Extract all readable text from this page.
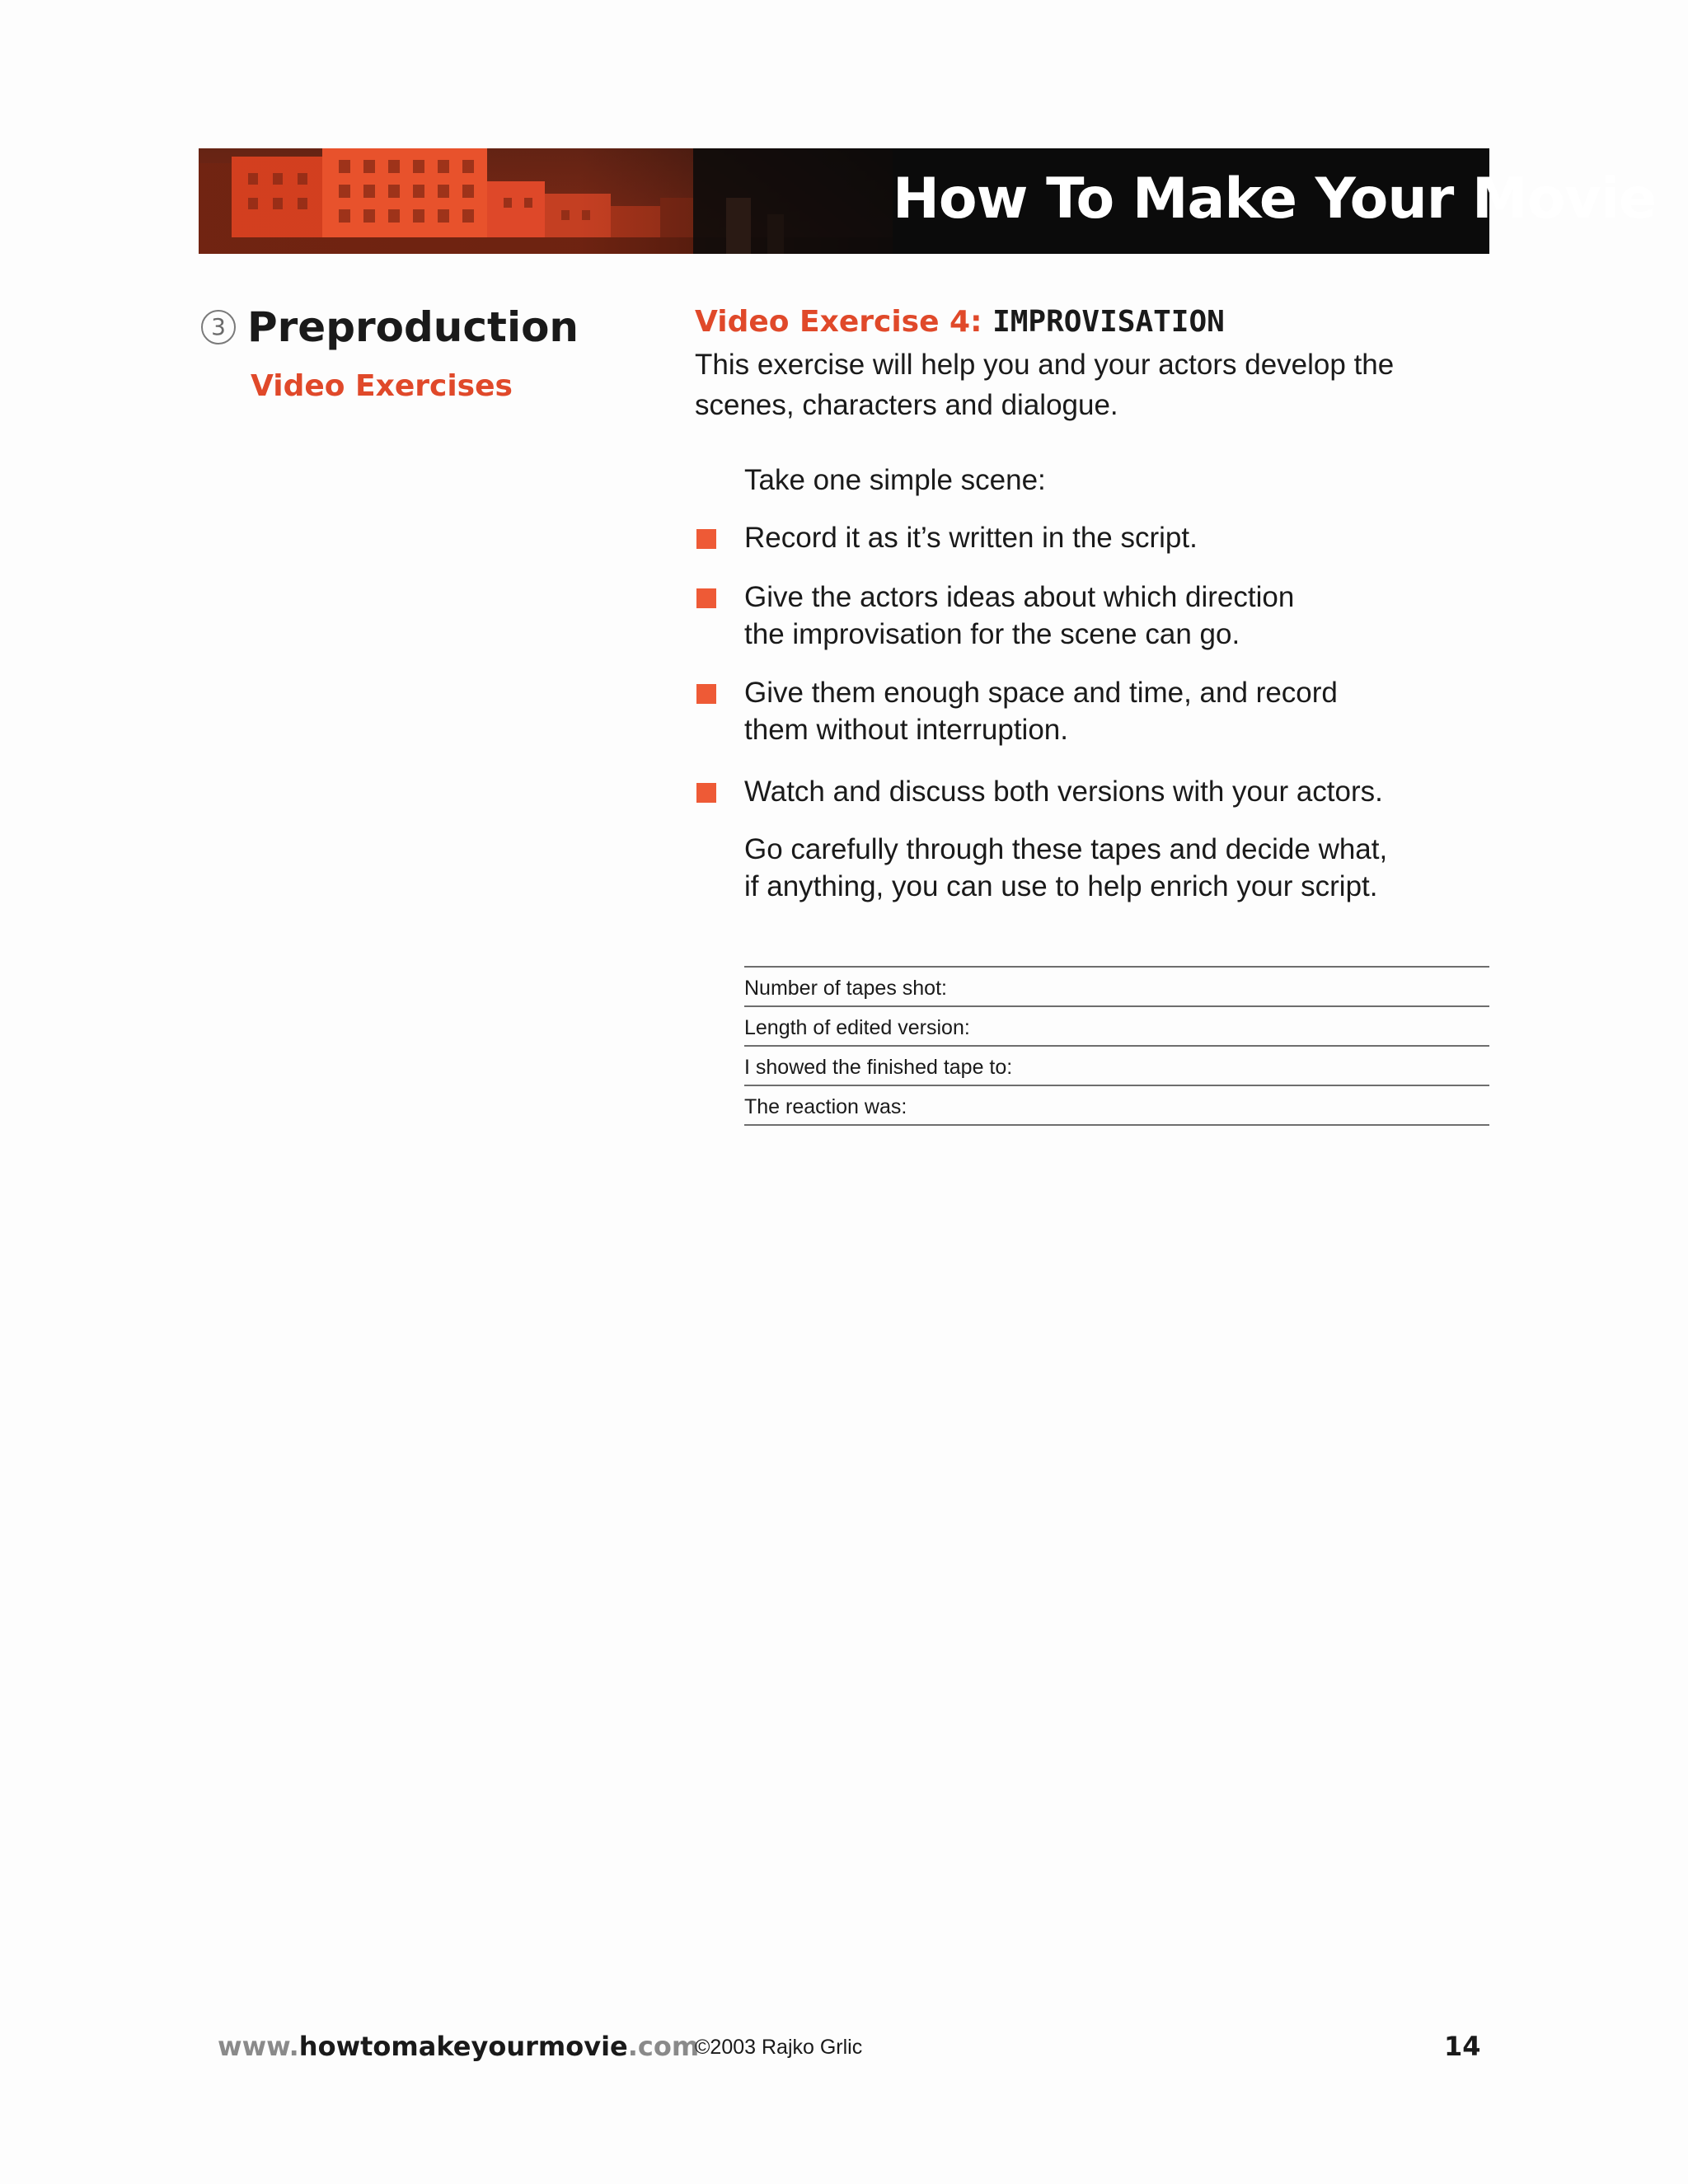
How To Make Your Movie
3 Preproduction
Video Exercises
Video Exercise 4: IMPROVISATION

This exercise will help you and your actors develop the scenes, characters and dialogue.

Take one simple scene:

Record it as it’s written in the script.
Give the actors ideas about which direction
the improvisation for the scene can go.
Give them enough space and time, and record
them without interruption.
Watch and discuss both versions with your actors.
Go carefully through these tapes and decide what,
if anything, you can use to help enrich your script.
Number of tapes shot:
Length of edited version:
I showed the finished tape to:
The reaction was:
www.howtomakeyourmovie.com
©2003 Rajko Grlic	14
